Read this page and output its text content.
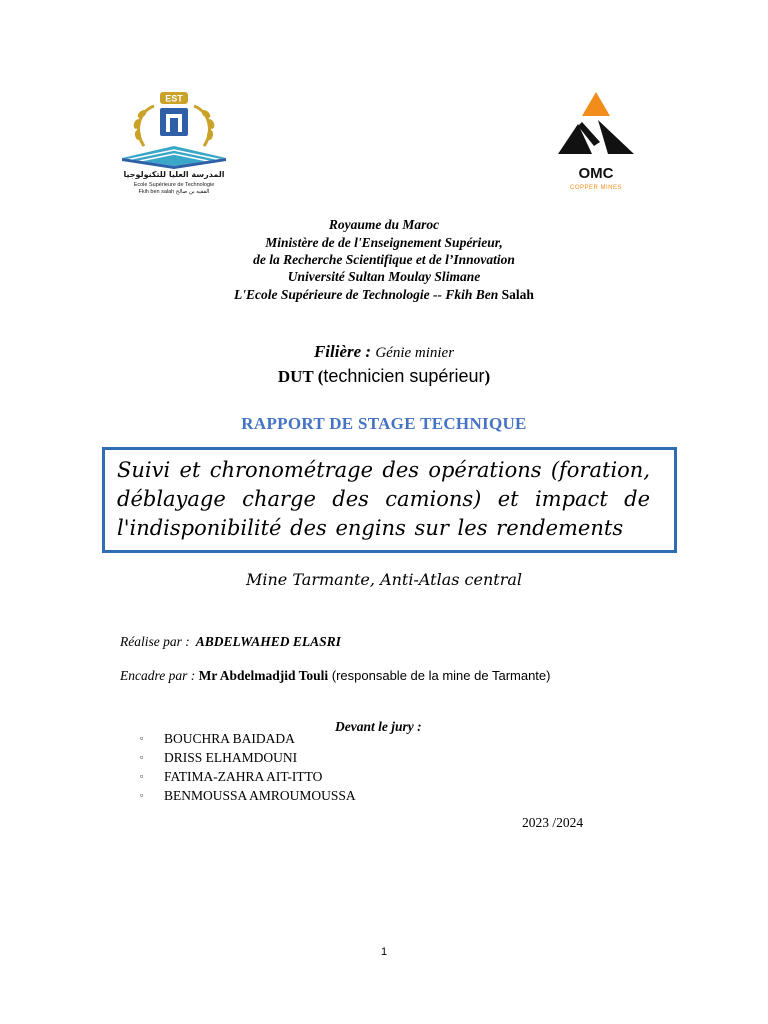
EST
المدرسة العليا للتكنولوجيا
Ecole Supérieure de Technologie
Fkih ben salah الفقيه بن صالح
OMC
COPPER MINES
Royaume du Maroc
Ministère de de l'Enseignement Supérieur,
de la Recherche Scientifique et de l’Innovation
Université Sultan Moulay Slimane
L'Ecole Supérieure de Technologie -- Fkih Ben Salah
Filière : Génie minier
DUT (technicien supérieur)
RAPPORT DE STAGE TECHNIQUE
Suivi et chronométrage des opérations (foration, déblayage charge des camions) et impact de l'indisponibilité des engins sur les rendements
Mine Tarmante, Anti-Atlas central
Réalise par : ABDELWAHED ELASRI
Encadre par : Mr Abdelmadjid Touli (responsable de la mine de Tarmante)
Devant le jury :
▫ BOUCHRA BAIDADA
▫ DRISS ELHAMDOUNI
▫ FATIMA-ZAHRA AIT-ITTO
▫ BENMOUSSA AMROUMOUSSA
2023 /2024
1
